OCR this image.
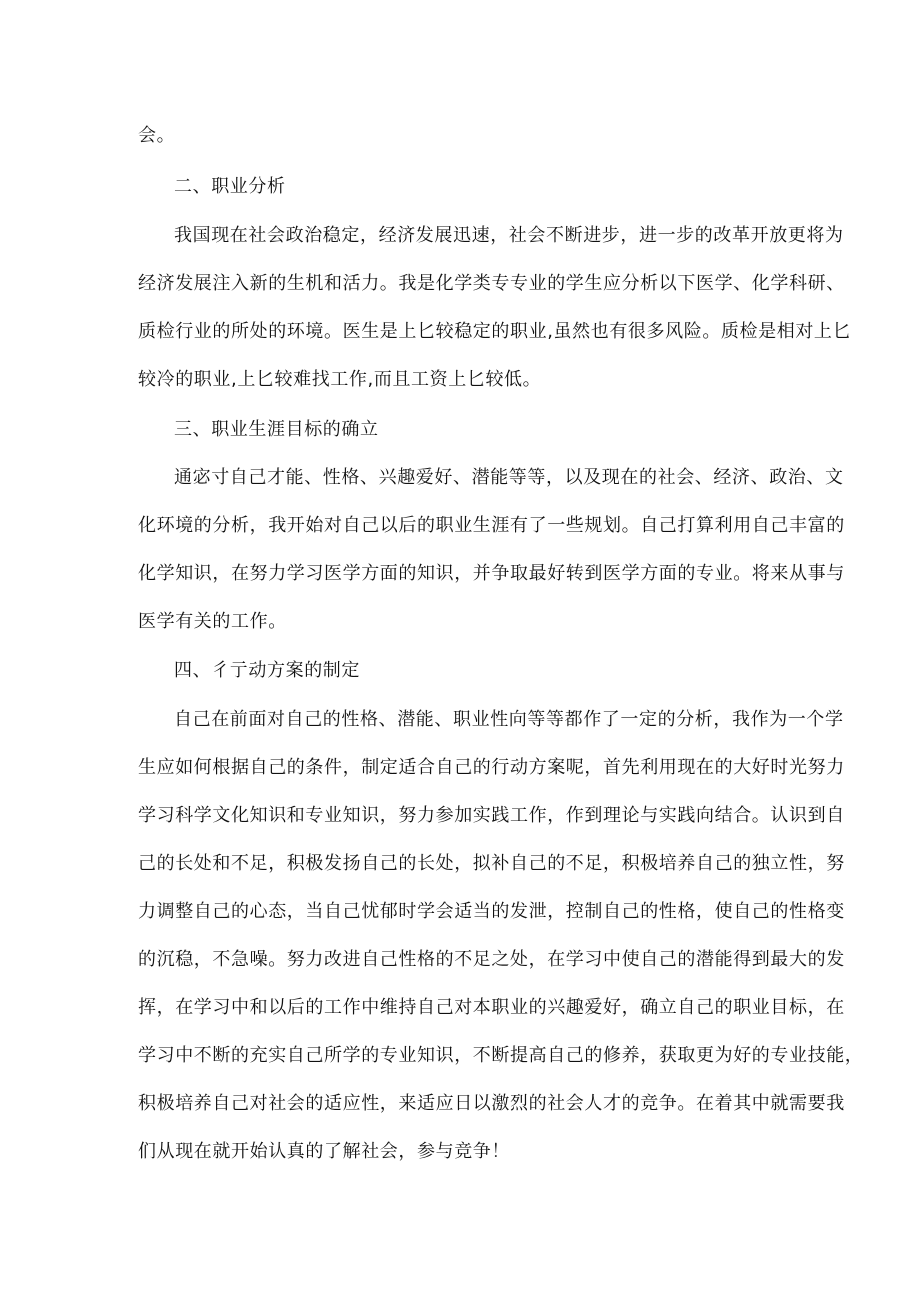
会。
二、职业分析
我国现在社会政治稳定，经济发展迅速，社会不断进步，进一步的改革开放更将为
经济发展注入新的生机和活力。我是化学类专专业的学生应分析以下医学、化学科研、
质检行业的所处的环境。医生是上匕较稳定的职业,虽然也有很多风险。质检是相对上匕
较冷的职业,上匕较难找工作,而且工资上匕较低。
三、职业生涯目标的确立
通宓寸自己才能、性格、兴趣爱好、潜能等等，以及现在的社会、经济、政治、文
化环境的分析，我开始对自己以后的职业生涯有了一些规划。自己打算利用自己丰富的
化学知识，在努力学习医学方面的知识，并争取最好转到医学方面的专业。将来从事与
医学有关的工作。
四、彳亍动方案的制定
自己在前面对自己的性格、潜能、职业性向等等都作了一定的分析，我作为一个学
生应如何根据自己的条件，制定适合自己的行动方案呢，首先利用现在的大好时光努力
学习科学文化知识和专业知识，努力参加实践工作，作到理论与实践向结合。认识到自
己的长处和不足，积极发扬自己的长处，拟补自己的不足，积极培养自己的独立性，努
力调整自己的心态，当自己忧郁时学会适当的发泄，控制自己的性格，使自己的性格变
的沉稳，不急噪。努力改进自己性格的不足之处，在学习中使自己的潜能得到最大的发
挥，在学习中和以后的工作中维持自己对本职业的兴趣爱好，确立自己的职业目标，在
学习中不断的充实自己所学的专业知识，不断提高自己的修养，获取更为好的专业技能，
积极培养自己对社会的适应性，来适应日以激烈的社会人才的竞争。在着其中就需要我
们从现在就开始认真的了解社会，参与竞争！
